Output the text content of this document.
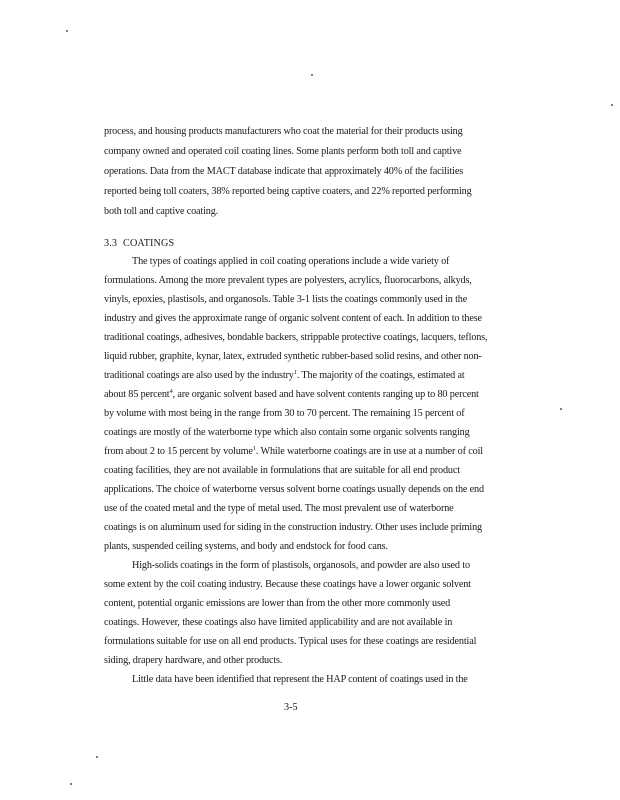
process, and housing products manufacturers who coat the material for their products using
company owned and operated coil coating lines. Some plants perform both toll and captive
operations. Data from the MACT database indicate that approximately 40% of the facilities
reported being toll coaters, 38% reported being captive coaters, and 22% reported performing
both toll and captive coating.
3.3 COATINGS
The types of coatings applied in coil coating operations include a wide variety of
formulations. Among the more prevalent types are polyesters, acrylics, fluorocarbons, alkyds,
vinyls, epoxies, plastisols, and organosols. Table 3-1 lists the coatings commonly used in the
industry and gives the approximate range of organic solvent content of each. In addition to these
traditional coatings, adhesives, bondable backers, strippable protective coatings, lacquers, teflons,
liquid rubber, graphite, kynar, latex, extruded synthetic rubber-based solid resins, and other non-
traditional coatings are also used by the industry$^1$. The majority of the coatings, estimated at
about 85 percent$^4$, are organic solvent based and have solvent contents ranging up to 80 percent
by volume with most being in the range from 30 to 70 percent. The remaining 15 percent of
coatings are mostly of the waterborne type which also contain some organic solvents ranging
from about 2 to 15 percent by volume$^1$. While waterborne coatings are in use at a number of coil
coating facilities, they are not available in formulations that are suitable for all end product
applications. The choice of waterborne versus solvent borne coatings usually depends on the end
use of the coated metal and the type of metal used. The most prevalent use of waterborne
coatings is on aluminum used for siding in the construction industry. Other uses include priming
plants, suspended ceiling systems, and body and endstock for food cans.
High-solids coatings in the form of plastisols, organosols, and powder are also used to
some extent by the coil coating industry. Because these coatings have a lower organic solvent
content, potential organic emissions are lower than from the other more commonly used
coatings. However, these coatings also have limited applicability and are not available in
formulations suitable for use on all end products. Typical uses for these coatings are residential
siding, drapery hardware, and other products.
Little data have been identified that represent the HAP content of coatings used in the
3-5
